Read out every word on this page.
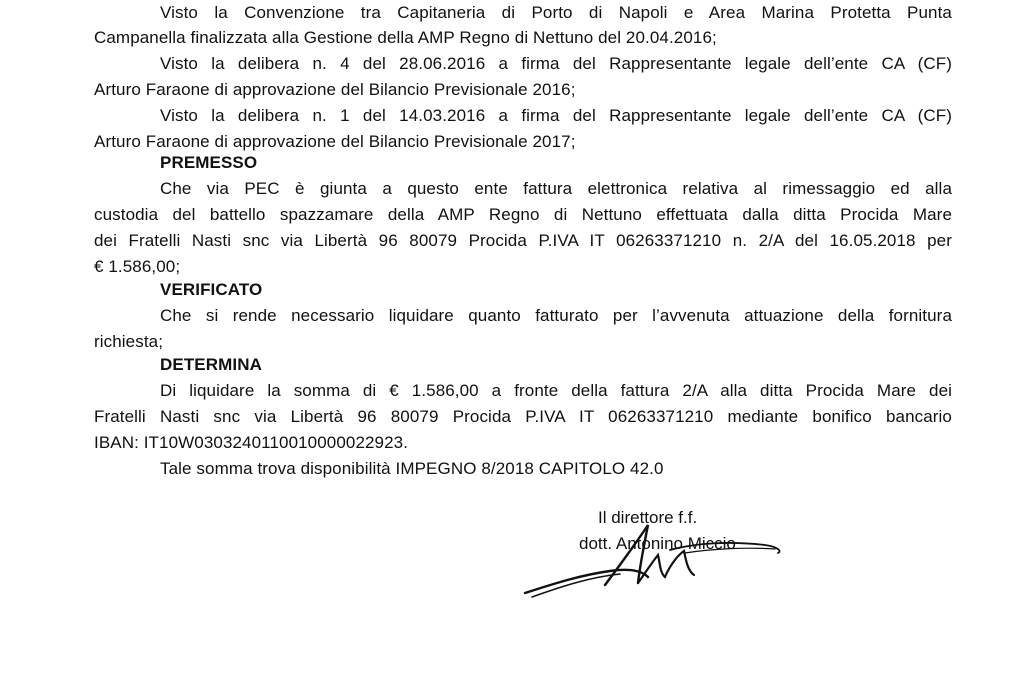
Visto la Convenzione tra Capitaneria di Porto di Napoli e Area Marina Protetta Punta
Campanella finalizzata alla Gestione della AMP Regno di Nettuno del 20.04.2016;
Visto la delibera n. 4 del 28.06.2016 a firma del Rappresentante legale dell’ente CA (CF)
Arturo Faraone di approvazione del Bilancio Previsionale 2016;
Visto la delibera n. 1 del 14.03.2016 a firma del Rappresentante legale dell’ente CA (CF)
Arturo Faraone di approvazione del Bilancio Previsionale 2017;
PREMESSO
Che via PEC è giunta a questo ente fattura elettronica relativa al rimessaggio ed alla
custodia del battello spazzamare della AMP Regno di Nettuno effettuata dalla ditta Procida Mare
dei Fratelli Nasti snc via Libertà 96 80079 Procida P.IVA IT 06263371210 n. 2/A del 16.05.2018 per
€ 1.586,00;
VERIFICATO
Che si rende necessario liquidare quanto fatturato per l’avvenuta attuazione della fornitura
richiesta;
DETERMINA
Di liquidare la somma di € 1.586,00 a fronte della fattura 2/A alla ditta Procida Mare dei
Fratelli Nasti snc via Libertà 96 80079 Procida P.IVA IT 06263371210 mediante bonifico bancario
IBAN: IT10W0303240110010000022923.
Tale somma trova disponibilità IMPEGNO 8/2018 CAPITOLO 42.0
Il direttore f.f.
dott. Antonino Miccio
